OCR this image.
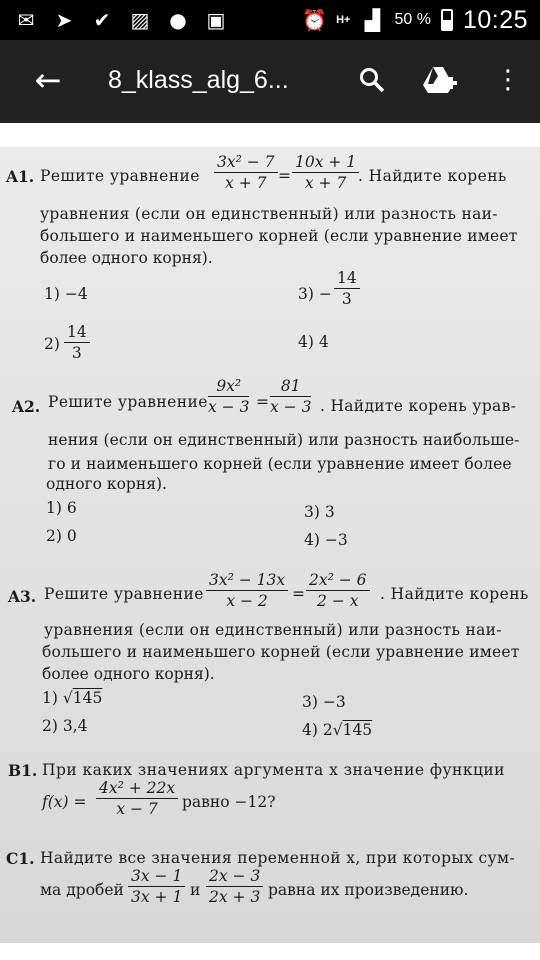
✉ ➤ ✔ ▨ ● ▣	⏰ H+ ▟ 50 % 10:25
← 8_klass_alg_6...	⋮
A1. Решите уравнение $\frac{\text{3x² − 7}}{x + 7} = \frac{10x + 1}{x + 7}$
. Найдите корень
уравнения (если он единственный) или разность наи-
большего и наименьшего корней (если уравнение имеет
более одного корня).
1) −4	$3) - \frac{14}{3}$
$2) \frac{14}{3}$	4) 4
A2. Решите уравнение $\frac{\text{9x²}}{x - 3} = \frac{81}{x - 3}$ . Найдите корень урав-
нения (если он единственный) или разность наибольше-
го и наименьшего корней (если уравнение имеет более
одного корня).
1) 6	3) 3
2) 0	4) −3
A3. Решите уравнение $\frac{\text{3x² − 13x}}{x - 2} = \frac{\text{2x² − 6}}{2 - x}$ . Найдите корень
уравнения (если он единственный) или разность наи-
большего и наименьшего корней (если уравнение имеет
более одного корня).
1) √145	3) −3
2) 3,4	4) 2√145
B1. При каких значениях аргумента x значение функции
$f(x) = \frac{\text{4x² + 22x}}{x - 7}$ равно −12?
C1. Найдите все значения переменной x, при которых сум-
ма дробей $\frac{3x - 1}{3x + 1}$ и $\frac{2x - 3}{2x + 3}$ равна их произведению.
